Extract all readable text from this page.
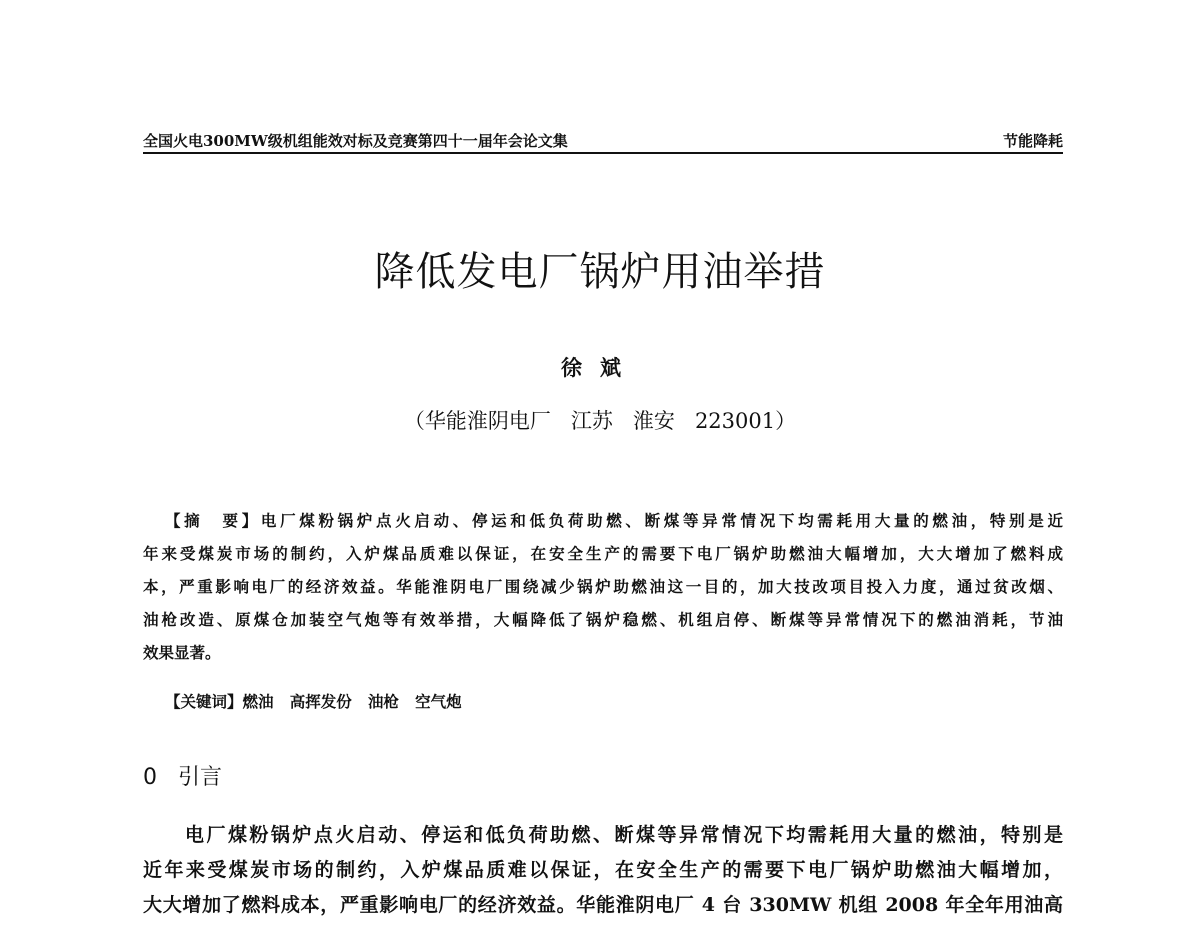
全国火电300MW级机组能效对标及竞赛第四十一届年会论文集	节能降耗
降低发电厂锅炉用油举措
徐斌
（华能淮阴电厂   江苏   淮安   223001）
【摘　要】电厂煤粉锅炉点火启动、停运和低负荷助燃、断煤等异常情况下均需耗用大量的燃油，特别是近
年来受煤炭市场的制约，入炉煤品质难以保证，在安全生产的需要下电厂锅炉助燃油大幅增加，大大增加了燃料成
本，严重影响电厂的经济效益。华能淮阴电厂围绕减少锅炉助燃油这一目的，加大技改项目投入力度，通过贫改烟、
油枪改造、原煤仓加装空气炮等有效举措，大幅降低了锅炉稳燃、机组启停、断煤等异常情况下的燃油消耗，节油
效果显著。
【关键词】燃油   高挥发份   油枪   空气炮
0   引言
电厂煤粉锅炉点火启动、停运和低负荷助燃、断煤等异常情况下均需耗用大量的燃油，特别是
近年来受煤炭市场的制约，入炉煤品质难以保证，在安全生产的需要下电厂锅炉助燃油大幅增加，
大大增加了燃料成本，严重影响电厂的经济效益。华能淮阴电厂 4 台 330MW 机组 2008 年全年用油高
